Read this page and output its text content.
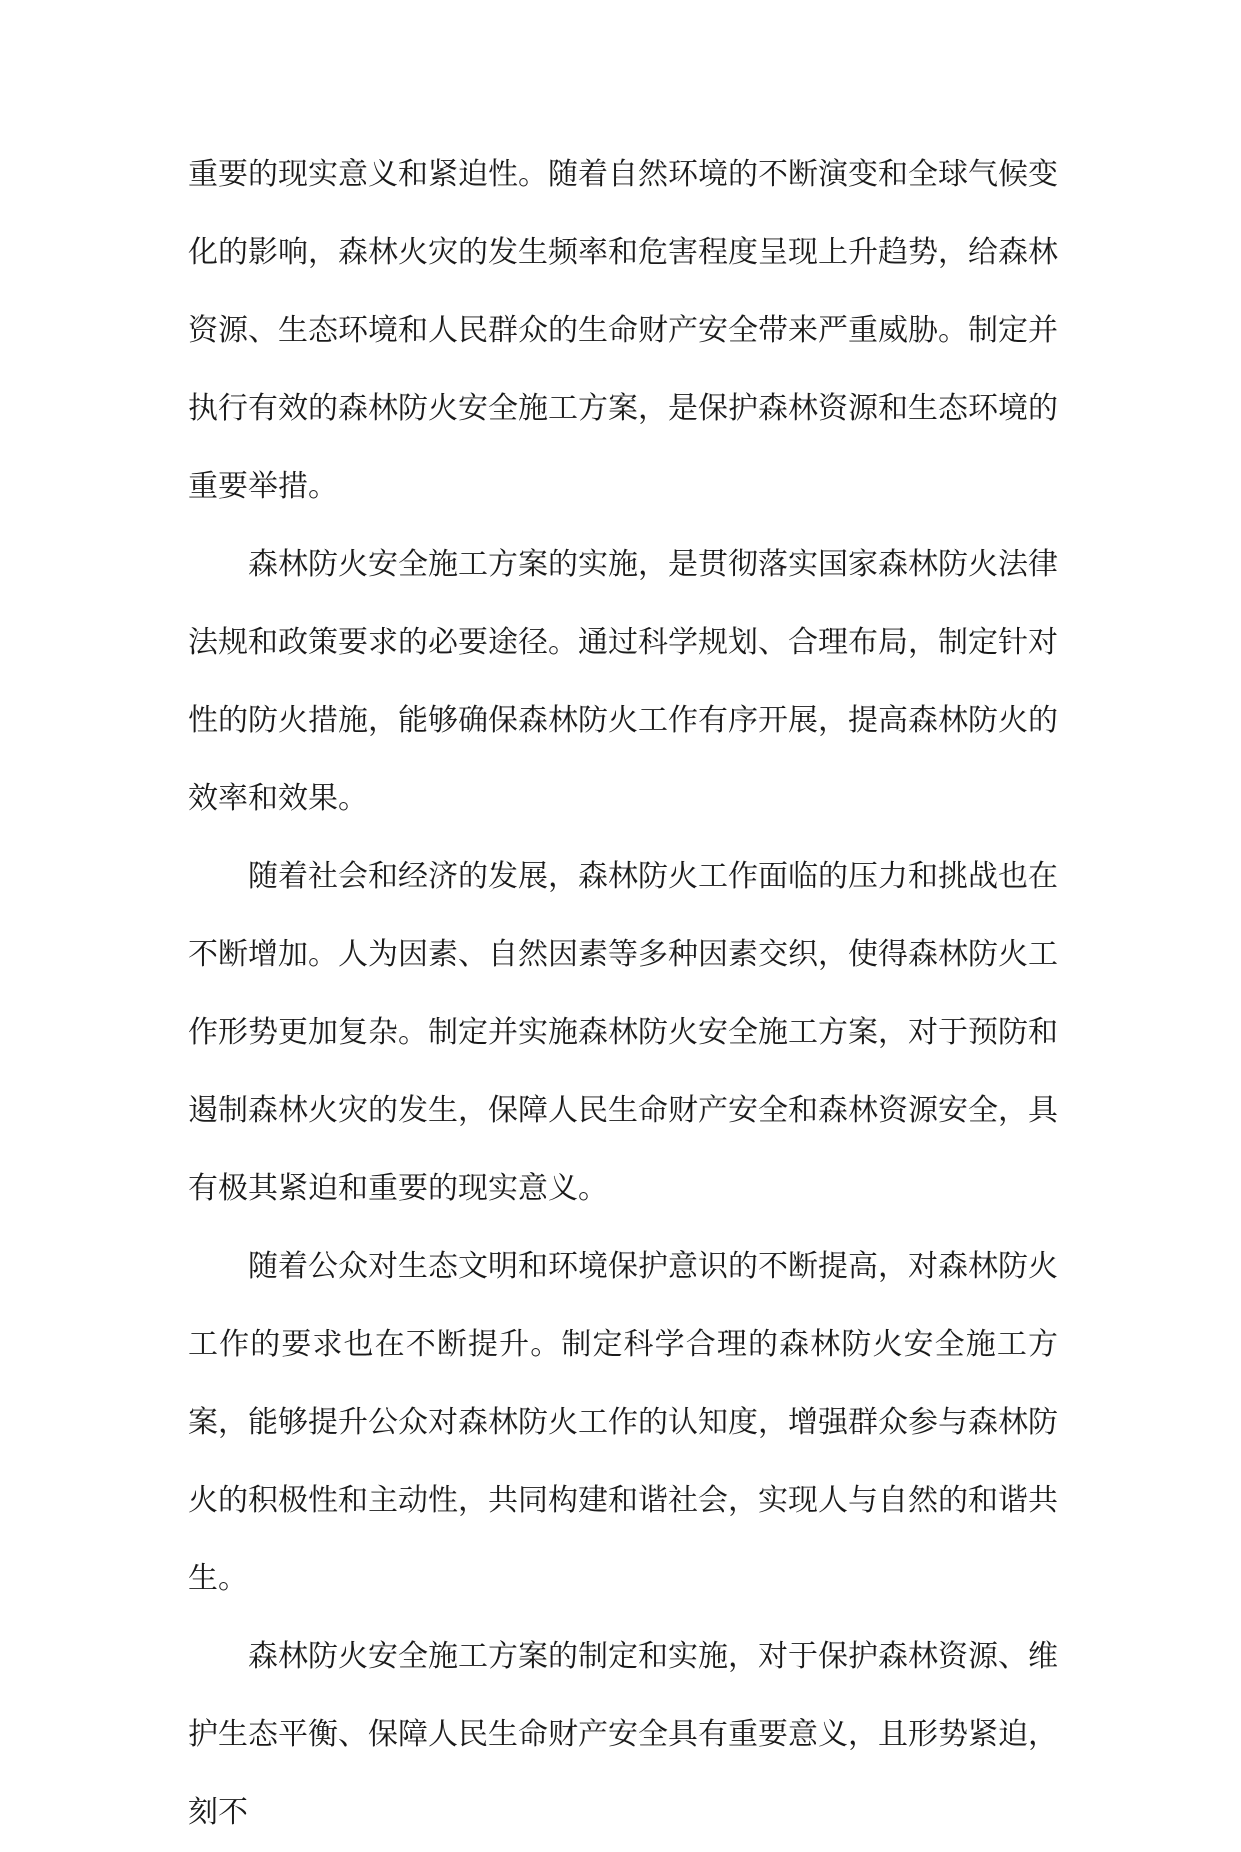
重要的现实意义和紧迫性。随着自然环境的不断演变和全球气候变化的影响，森林火灾的发生频率和危害程度呈现上升趋势，给森林资源、生态环境和人民群众的生命财产安全带来严重威胁。制定并执行有效的森林防火安全施工方案，是保护森林资源和生态环境的重要举措。

森林防火安全施工方案的实施，是贯彻落实国家森林防火法律法规和政策要求的必要途径。通过科学规划、合理布局，制定针对性的防火措施，能够确保森林防火工作有序开展，提高森林防火的效率和效果。

随着社会和经济的发展，森林防火工作面临的压力和挑战也在不断增加。人为因素、自然因素等多种因素交织，使得森林防火工作形势更加复杂。制定并实施森林防火安全施工方案，对于预防和遏制森林火灾的发生，保障人民生命财产安全和森林资源安全，具有极其紧迫和重要的现实意义。

随着公众对生态文明和环境保护意识的不断提高，对森林防火工作的要求也在不断提升。制定科学合理的森林防火安全施工方案，能够提升公众对森林防火工作的认知度，增强群众参与森林防火的积极性和主动性，共同构建和谐社会，实现人与自然的和谐共生。

森林防火安全施工方案的制定和实施，对于保护森林资源、维护生态平衡、保障人民生命财产安全具有重要意义，且形势紧迫，刻不
